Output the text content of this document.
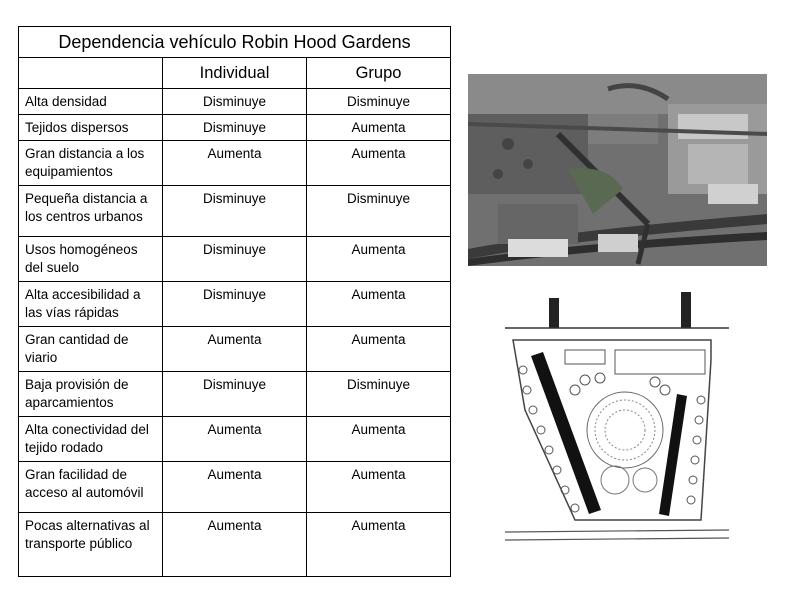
Dependencia vehículo Robin Hood Gardens		
	Individual	Grupo
Alta densidad	Disminuye	Disminuye
Tejidos dispersos	Disminuye	Aumenta
Gran distancia a los equipamientos	Aumenta	Aumenta
Pequeña distancia a los centros urbanos	Disminuye	Disminuye
Usos homogéneos del suelo	Disminuye	Aumenta
Alta accesibilidad a las vías rápidas	Disminuye	Aumenta
Gran cantidad de viario	Aumenta	Aumenta
Baja provisión de aparcamientos	Disminuye	Disminuye
Alta conectividad del tejido rodado	Aumenta	Aumenta
Gran facilidad de acceso al automóvil	Aumenta	Aumenta
Pocas alternativas al transporte público	Aumenta	Aumenta
